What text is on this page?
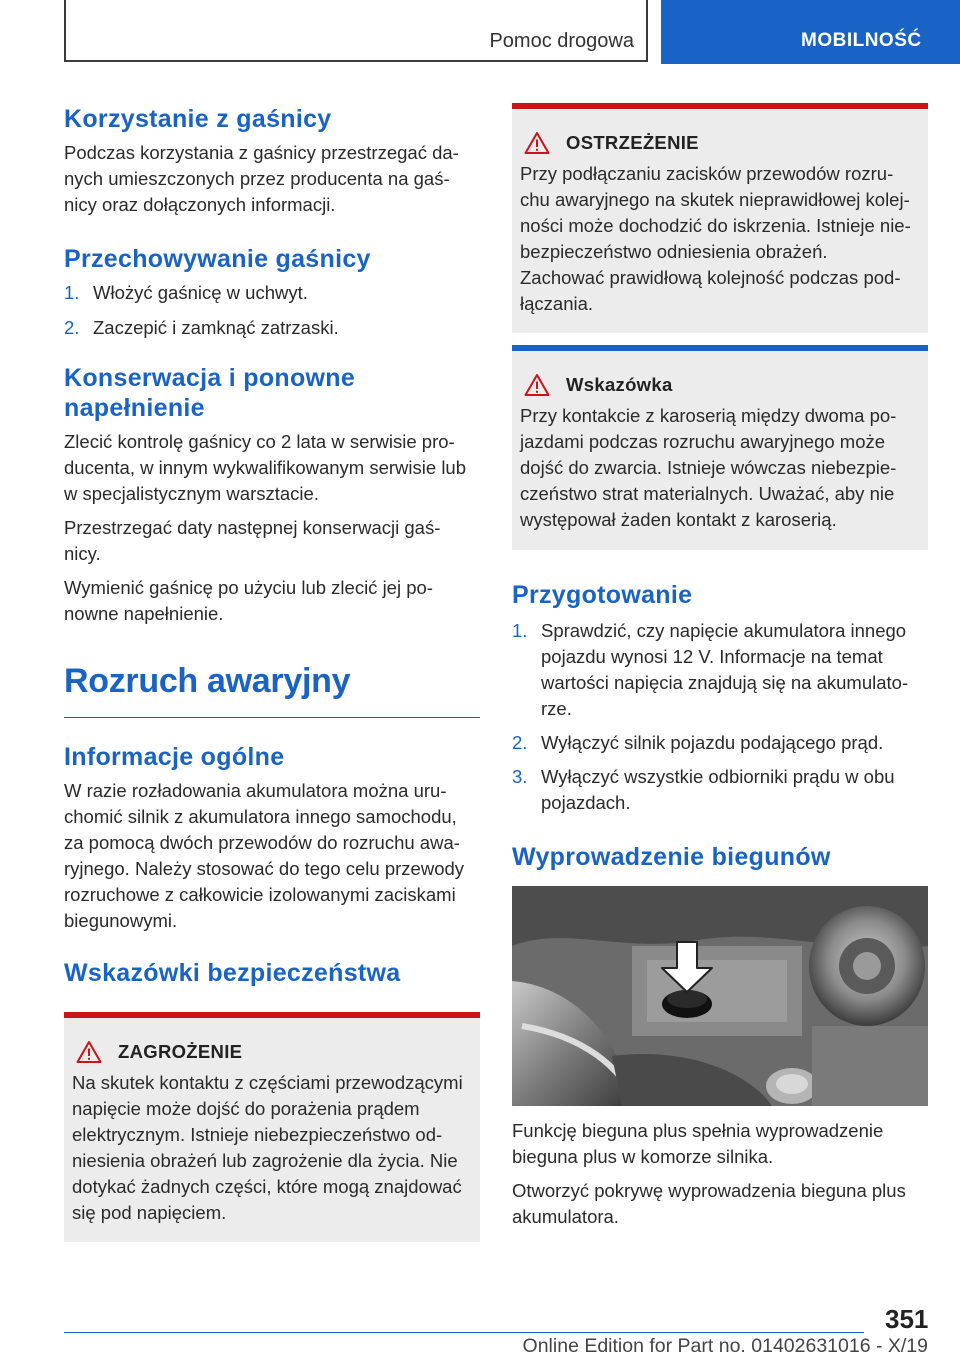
Pomoc drogowa	MOBILNOŚĆ
Korzystanie z gaśnicy

Podczas korzystania z gaśnicy przestrzegać da-
nych umieszczonych przez producenta na gaś-
nicy oraz dołączonych informacji.

Przechowywanie gaśnicy
1. Włożyć gaśnicę w uchwyt.
2. Zaczepić i zamknąć zatrzaski.
Konserwacja i ponowne
napełnienie

Zlecić kontrolę gaśnicy co 2 lata w serwisie pro-
ducenta, w innym wykwalifikowanym serwisie lub
w specjalistycznym warsztacie.

Przestrzegać daty następnej konserwacji gaś-
nicy.

Wymienić gaśnicę po użyciu lub zlecić jej po-
nowne napełnienie.

Rozruch awaryjny
Informacje ogólne

W razie rozładowania akumulatora można uru-
chomić silnik z akumulatora innego samochodu,
za pomocą dwóch przewodów do rozruchu awa-
ryjnego. Należy stosować do tego celu przewody
rozruchowe z całkowicie izolowanymi zaciskami
biegunowymi.

Wskazówki bezpieczeństwa
ZAGROŻENIE

Na skutek kontaktu z częściami przewodzącymi
napięcie może dojść do porażenia prądem
elektrycznym. Istnieje niebezpieczeństwo od-
niesienia obrażeń lub zagrożenie dla życia. Nie
dotykać żadnych części, które mogą znajdować
się pod napięciem.

OSTRZEŻENIE

Przy podłączaniu zacisków przewodów rozru-
chu awaryjnego na skutek nieprawidłowej kolej-
ności może dochodzić do iskrzenia. Istnieje nie-
bezpieczeństwo odniesienia obrażeń.
Zachować prawidłową kolejność podczas pod-
łączania.

Wskazówka

Przy kontakcie z karoserią między dwoma po-
jazdami podczas rozruchu awaryjnego może
dojść do zwarcia. Istnieje wówczas niebezpie-
czeństwo strat materialnych. Uważać, aby nie
występował żaden kontakt z karoserią.

Przygotowanie
1. Sprawdzić, czy napięcie akumulatora innego
pojazdu wynosi 12 V. Informacje na temat
wartości napięcia znajdują się na akumulato-
rze.
2. Wyłączyć silnik pojazdu podającego prąd.
3. Wyłączyć wszystkie odbiorniki prądu w obu
pojazdach.
Wyprowadzenie biegunów

Funkcję bieguna plus spełnia wyprowadzenie
bieguna plus w komorze silnika.

Otworzyć pokrywę wyprowadzenia bieguna plus
akumulatora.

351
Online Edition for Part no. 01402631016 - X/19
